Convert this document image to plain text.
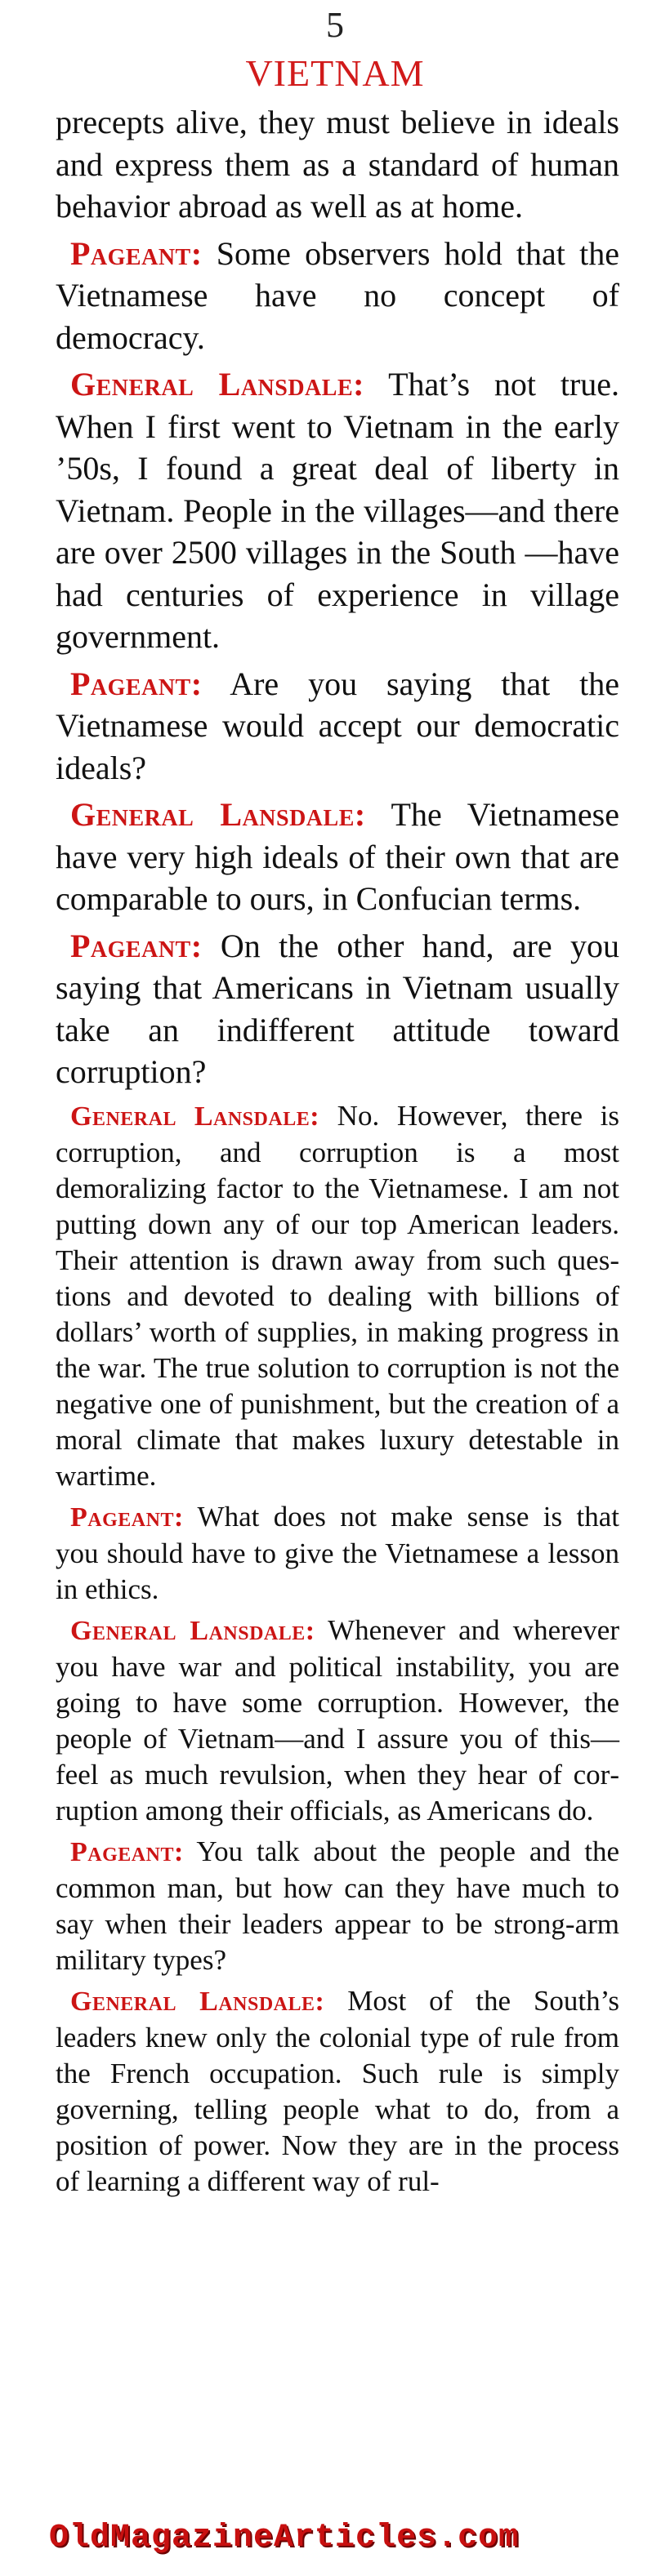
5
VIETNAM

precepts alive, they must believe in ideals and express them as a standard of human behavior abroad as well as at home.

Pageant: Some observers hold that the Vietnamese have no concept of democracy.

General Lansdale: That’s not true. When I first went to Vietnam in the early ’50s, I found a great deal of liberty in Vietnam. People in the villages—and there are over 2500 villages in the South —have had centuries of experience in village government.

Pageant: Are you saying that the Vietnamese would accept our democratic ideals?

General Lansdale: The Vietnamese have very high ideals of their own that are comparable to ours, in Confucian terms.

Pageant: On the other hand, are you saying that Americans in Vietnam usually take an indifferent attitude toward corruption?

General Lansdale: No. However, there is corruption, and corruption is a most demoralizing factor to the Vietnamese. I am not putting down any of our top American leaders. Their attention is drawn away from such questions and devoted to dealing with billions of dollars’ worth of supplies, in making progress in the war. The true solution to corruption is not the negative one of punishment, but the creation of a moral climate that makes luxury detestable in wartime.

Pageant: What does not make sense is that you should have to give the Vietnamese a lesson in ethics.

General Lansdale: Whenever and wherever you have war and political instability, you are going to have some corruption. However, the people of Vietnam—and I assure you of this—feel as much revulsion, when they hear of corruption among their officials, as Americans do.

Pageant: You talk about the people and the common man, but how can they have much to say when their leaders appear to be strong-arm military types?

General Lansdale: Most of the South’s leaders knew only the colonial type of rule from the French occupation. Such rule is simply governing, telling people what to do, from a position of power. Now they are in the process of learning a different way of rul-

OldMagazineArticles.com
